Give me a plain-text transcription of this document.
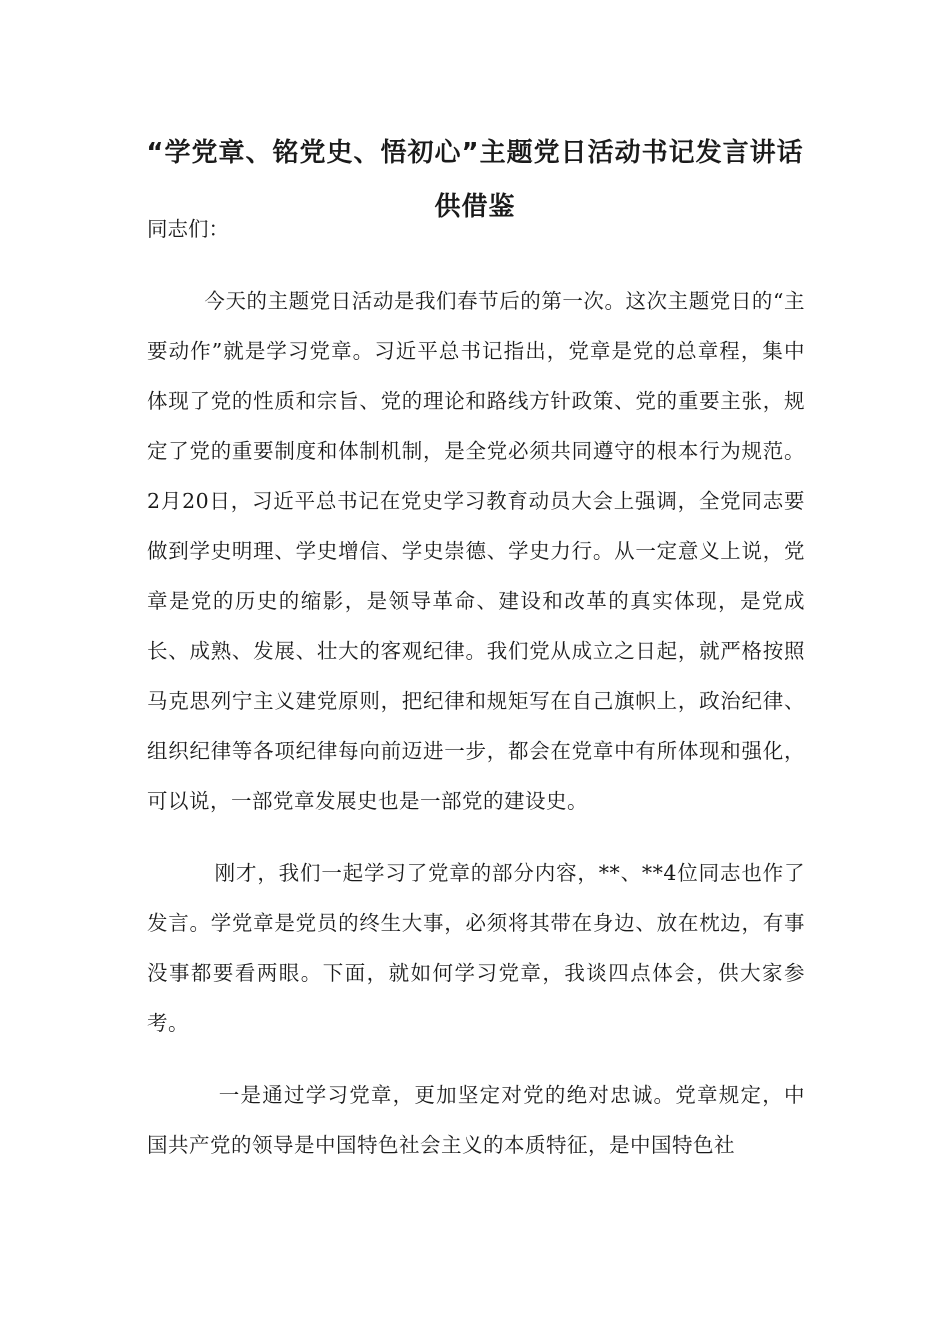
“学党章、铭党史、悟初心”主题党日活动书记发言讲话
供借鉴

同志们：

今天的主题党日活动是我们春节后的第一次。这次主题党日的“主要动作”就是学习党章。习近平总书记指出，党章是党的总章程，集中体现了党的性质和宗旨、党的理论和路线方针政策、党的重要主张，规定了党的重要制度和体制机制，是全党必须共同遵守的根本行为规范。2月20日，习近平总书记在党史学习教育动员大会上强调，全党同志要做到学史明理、学史增信、学史崇德、学史力行。从一定意义上说，党章是党的历史的缩影，是领导革命、建设和改革的真实体现，是党成长、成熟、发展、壮大的客观纪律。我们党从成立之日起，就严格按照马克思列宁主义建党原则，把纪律和规矩写在自己旗帜上，政治纪律、组织纪律等各项纪律每向前迈进一步，都会在党章中有所体现和强化，可以说，一部党章发展史也是一部党的建设史。

刚才，我们一起学习了党章的部分内容，**、**4位同志也作了发言。学党章是党员的终生大事，必须将其带在身边、放在枕边，有事没事都要看两眼。下面，就如何学习党章，我谈四点体会，供大家参考。

一是通过学习党章，更加坚定对党的绝对忠诚。党章规定，中国共产党的领导是中国特色社会主义的本质特征，是中国特色社
